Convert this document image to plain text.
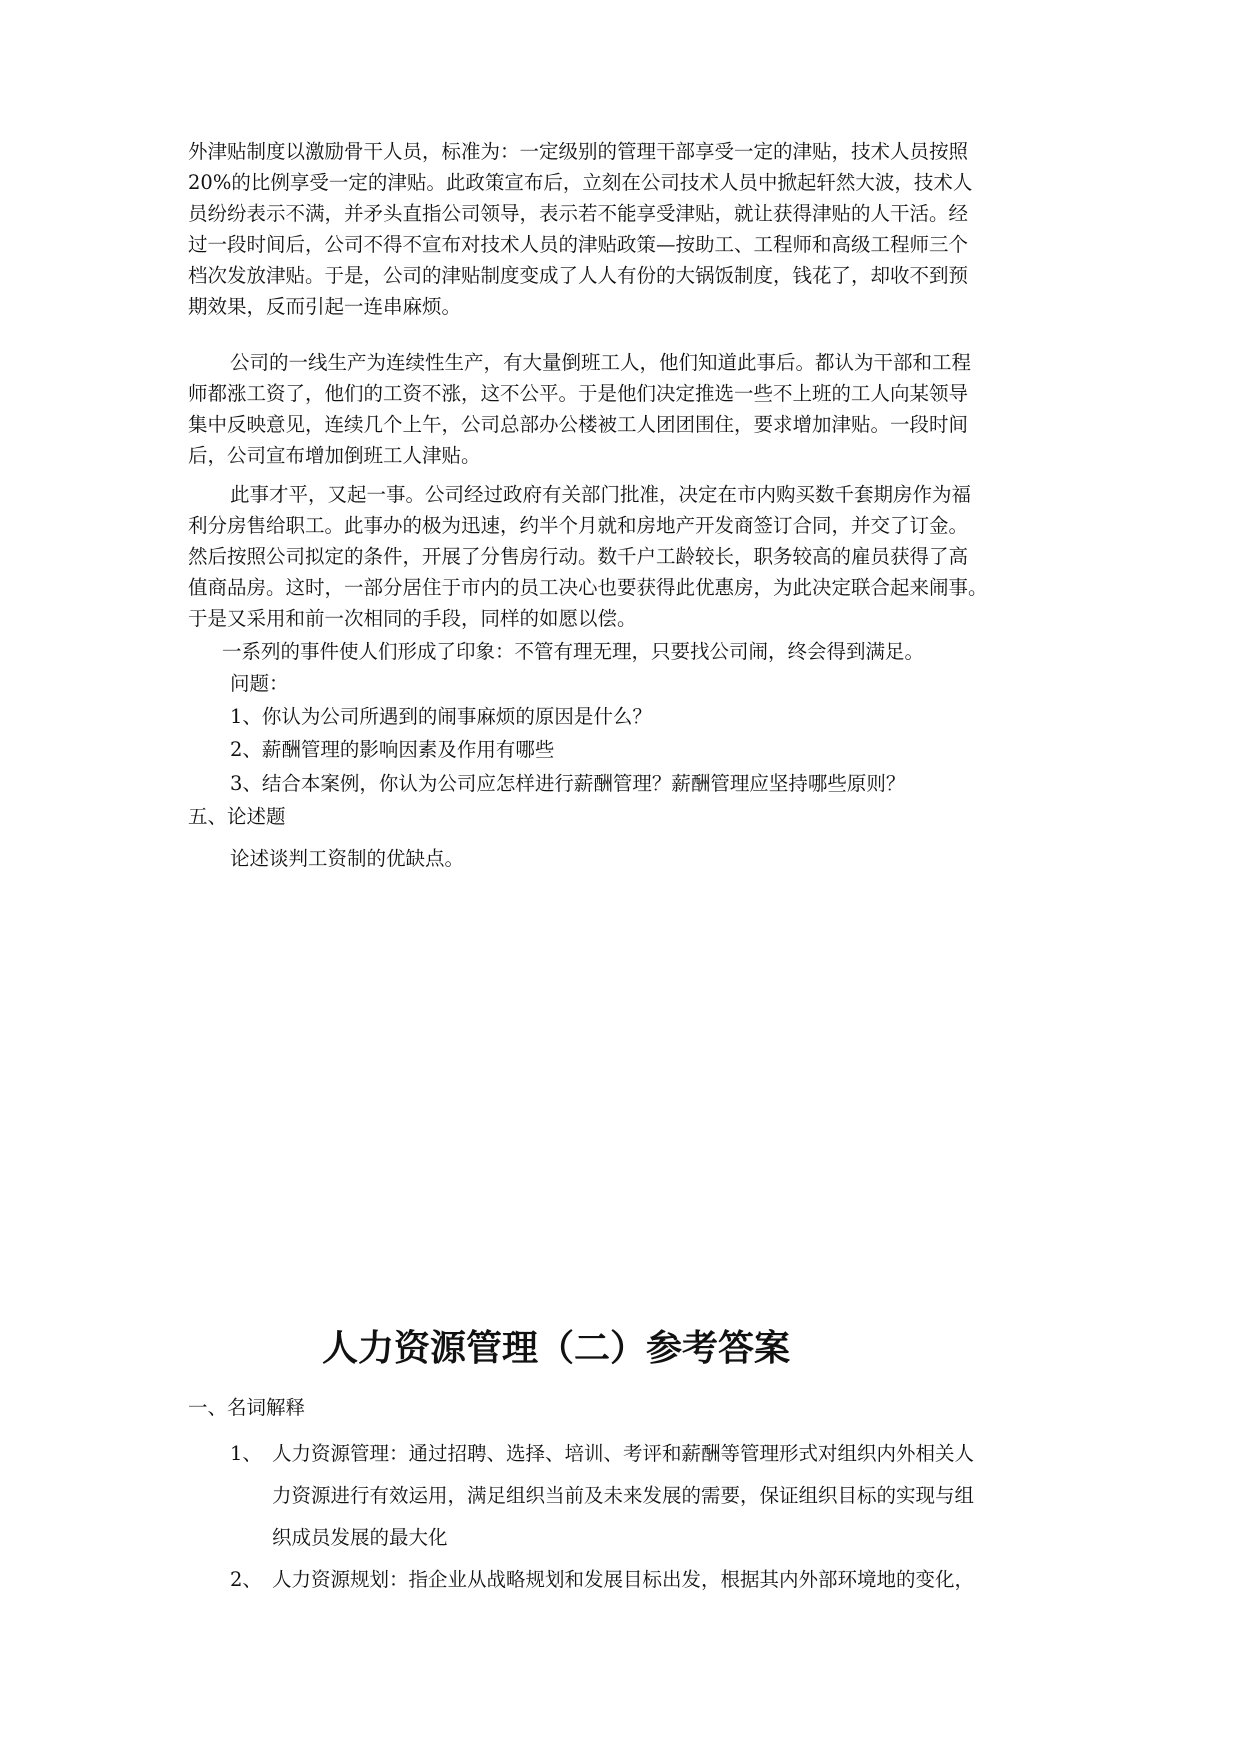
外津贴制度以激励骨干人员，标准为：一定级别的管理干部享受一定的津贴，技术人员按照
20%的比例享受一定的津贴。此政策宣布后，立刻在公司技术人员中掀起轩然大波，技术人
员纷纷表示不满，并矛头直指公司领导，表示若不能享受津贴，就让获得津贴的人干活。经
过一段时间后，公司不得不宣布对技术人员的津贴政策—按助工、工程师和高级工程师三个
档次发放津贴。于是，公司的津贴制度变成了人人有份的大锅饭制度，钱花了，却收不到预
期效果，反而引起一连串麻烦。
公司的一线生产为连续性生产，有大量倒班工人，他们知道此事后。都认为干部和工程
师都涨工资了，他们的工资不涨，这不公平。于是他们决定推选一些不上班的工人向某领导
集中反映意见，连续几个上午，公司总部办公楼被工人团团围住，要求增加津贴。一段时间
后，公司宣布增加倒班工人津贴。
此事才平，又起一事。公司经过政府有关部门批准，决定在市内购买数千套期房作为福
利分房售给职工。此事办的极为迅速，约半个月就和房地产开发商签订合同，并交了订金。
然后按照公司拟定的条件，开展了分售房行动。数千户工龄较长，职务较高的雇员获得了高
值商品房。这时，一部分居住于市内的员工决心也要获得此优惠房，为此决定联合起来闹事。
于是又采用和前一次相同的手段，同样的如愿以偿。
一系列的事件使人们形成了印象：不管有理无理，只要找公司闹，终会得到满足。
问题：
1、你认为公司所遇到的闹事麻烦的原因是什么？
2、薪酬管理的影响因素及作用有哪些
3、结合本案例，你认为公司应怎样进行薪酬管理？薪酬管理应坚持哪些原则？
五、论述题
论述谈判工资制的优缺点。
人力资源管理（二）参考答案
一、名词解释
1、 人力资源管理：通过招聘、选择、培训、考评和薪酬等管理形式对组织内外相关人
力资源进行有效运用，满足组织当前及未来发展的需要，保证组织目标的实现与组
织成员发展的最大化
2、 人力资源规划：指企业从战略规划和发展目标出发，根据其内外部环境地的变化，
